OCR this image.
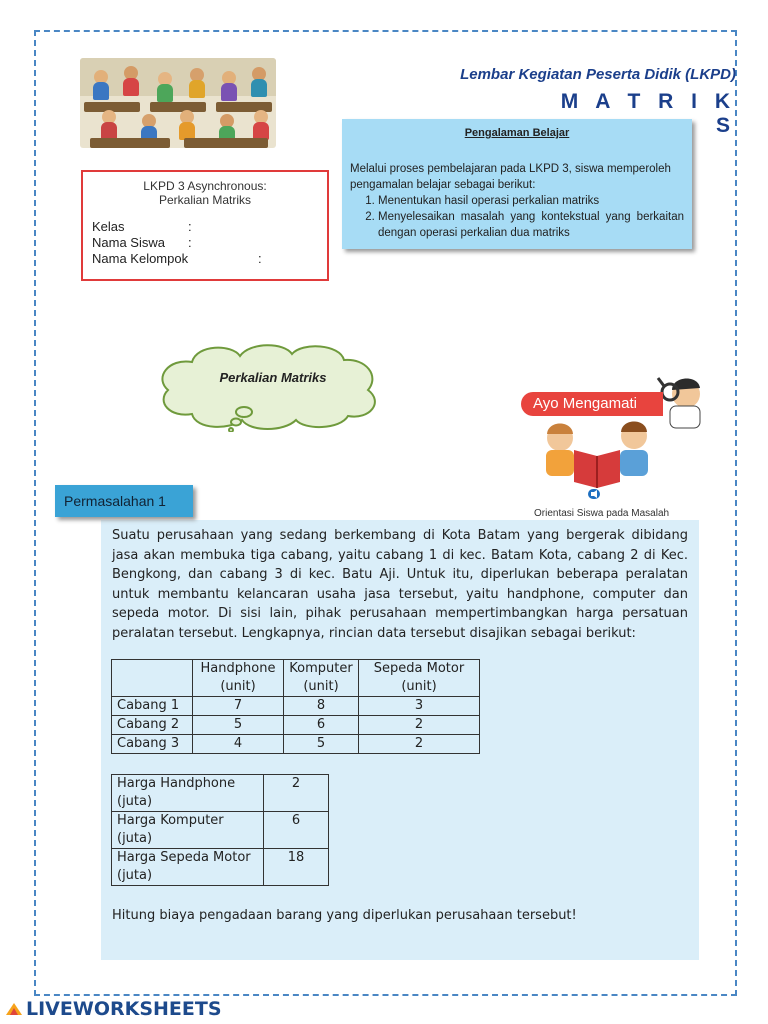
Lembar Kegiatan Peserta Didik (LKPD)
M A T R I K S
Pengalaman Belajar
Melalui proses pembelajaran pada LKPD 3, siswa memperoleh pengamalan belajar sebagai berikut:
1. Menentukan hasil operasi perkalian matriks
2. Menyelesaikan masalah yang kontekstual yang berkaitan dengan operasi perkalian dua matriks
LKPD 3 Asynchronous:
Perkalian Matriks
Kelas	:
Nama Siswa	:
Nama Kelompok	:
Perkalian Matriks
Ayo Mengamati
Orientasi Siswa pada Masalah
Suatu perusahaan yang sedang berkembang di Kota Batam yang bergerak dibidang jasa akan membuka tiga cabang, yaitu cabang 1 di kec. Batam Kota, cabang 2 di Kec. Bengkong, dan cabang 3 di kec. Batu Aji. Untuk itu, diperlukan beberapa peralatan untuk membantu kelancaran usaha jasa tersebut, yaitu handphone, computer dan sepeda motor. Di sisi lain, pihak perusahaan mempertimbangkan harga persatuan peralatan tersebut. Lengkapnya, rincian data tersebut disajikan sebagai berikut:
	Handphone (unit)	Komputer (unit)	Sepeda Motor (unit)
Cabang 1	7	8	3
Cabang 2	5	6	2
Cabang 3	4	5	2
Harga Handphone (juta)	2
Harga Komputer (juta)	6
Harga Sepeda Motor (juta)	18
Hitung biaya pengadaan barang yang diperlukan perusahaan tersebut!
Permasalahan 1
LIVEWORKSHEETS
